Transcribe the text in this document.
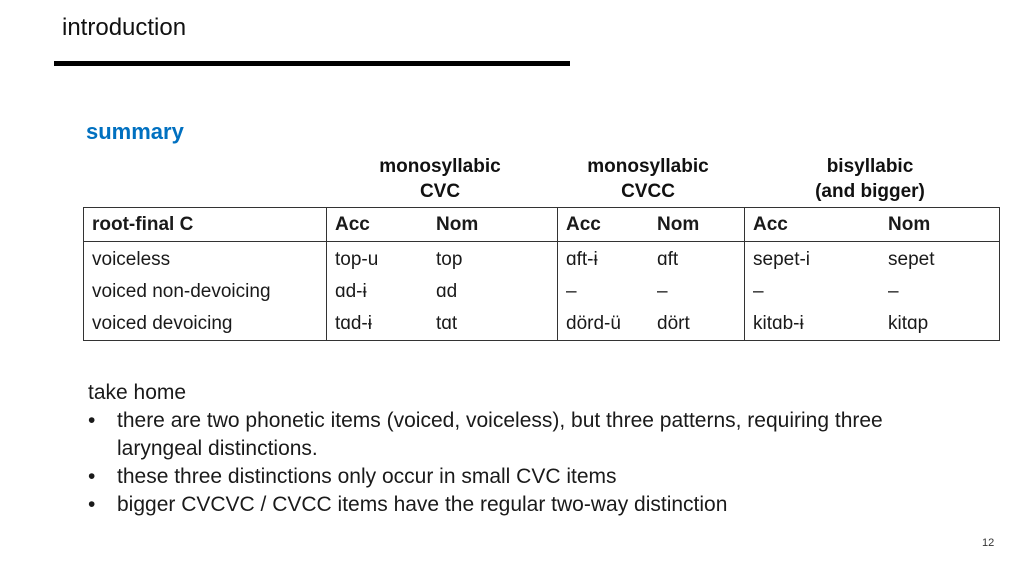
introduction
summary
monosyllabic
CVC
monosyllabic
CVCC
bisyllabic
(and bigger)
root-final C	Acc	Nom	Acc	Nom	Acc	Nom
voiceless	top-u	top	ɑft-ɨ	ɑft	sepet-i	sepet
voiced non-devoicing	ɑd-ɨ	ɑd	–	–	–	–
voiced devoicing	tɑd-ɨ	tɑt	dörd-ü	dört	kitɑb-ɨ	kitɑp
take home
• there are two phonetic items (voiced, voiceless), but three patterns, requiring three laryngeal distinctions.
• these three distinctions only occur in small CVC items
• bigger CVCVC / CVCC items have the regular two-way distinction
12
